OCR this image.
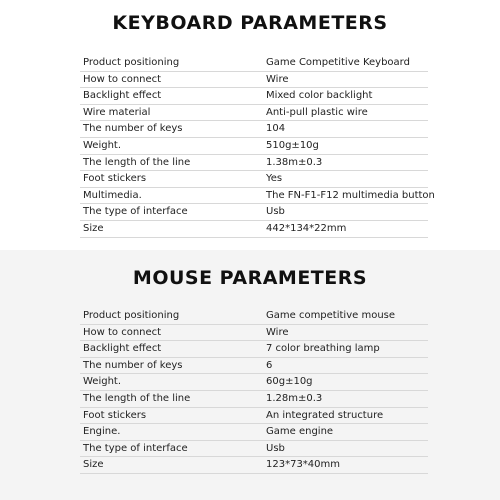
KEYBOARD PARAMETERS
Product positioning	Game Competitive Keyboard
How to connect	Wire
Backlight effect	Mixed color backlight
Wire material	Anti-pull plastic wire
The number of keys	104
Weight.	510g±10g
The length of the line	1.38m±0.3
Foot stickers	Yes
Multimedia.	The FN-F1-F12 multimedia button
The type of interface	Usb
Size	442*134*22mm
MOUSE PARAMETERS
Product positioning	Game competitive mouse
How to connect	Wire
Backlight effect	7 color breathing lamp
The number of keys	6
Weight.	60g±10g
The length of the line	1.28m±0.3
Foot stickers	An integrated structure
Engine.	Game engine
The type of interface	Usb
Size	123*73*40mm
